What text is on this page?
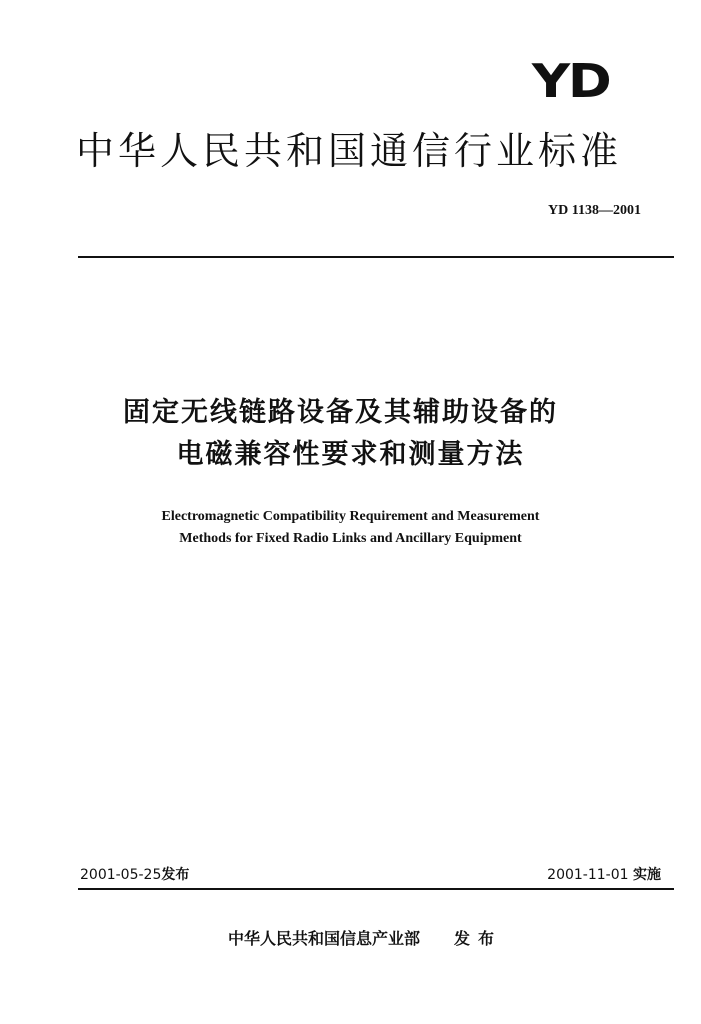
YD
中华人民共和国通信行业标准
YD 1138—2001
固定无线链路设备及其辅助设备的
电磁兼容性要求和测量方法
Electromagnetic Compatibility Requirement and Measurement
Methods for Fixed Radio Links and Ancillary Equipment
2001-05-25发布	2001-11-01 实施
中华人民共和国信息产业部 发布
